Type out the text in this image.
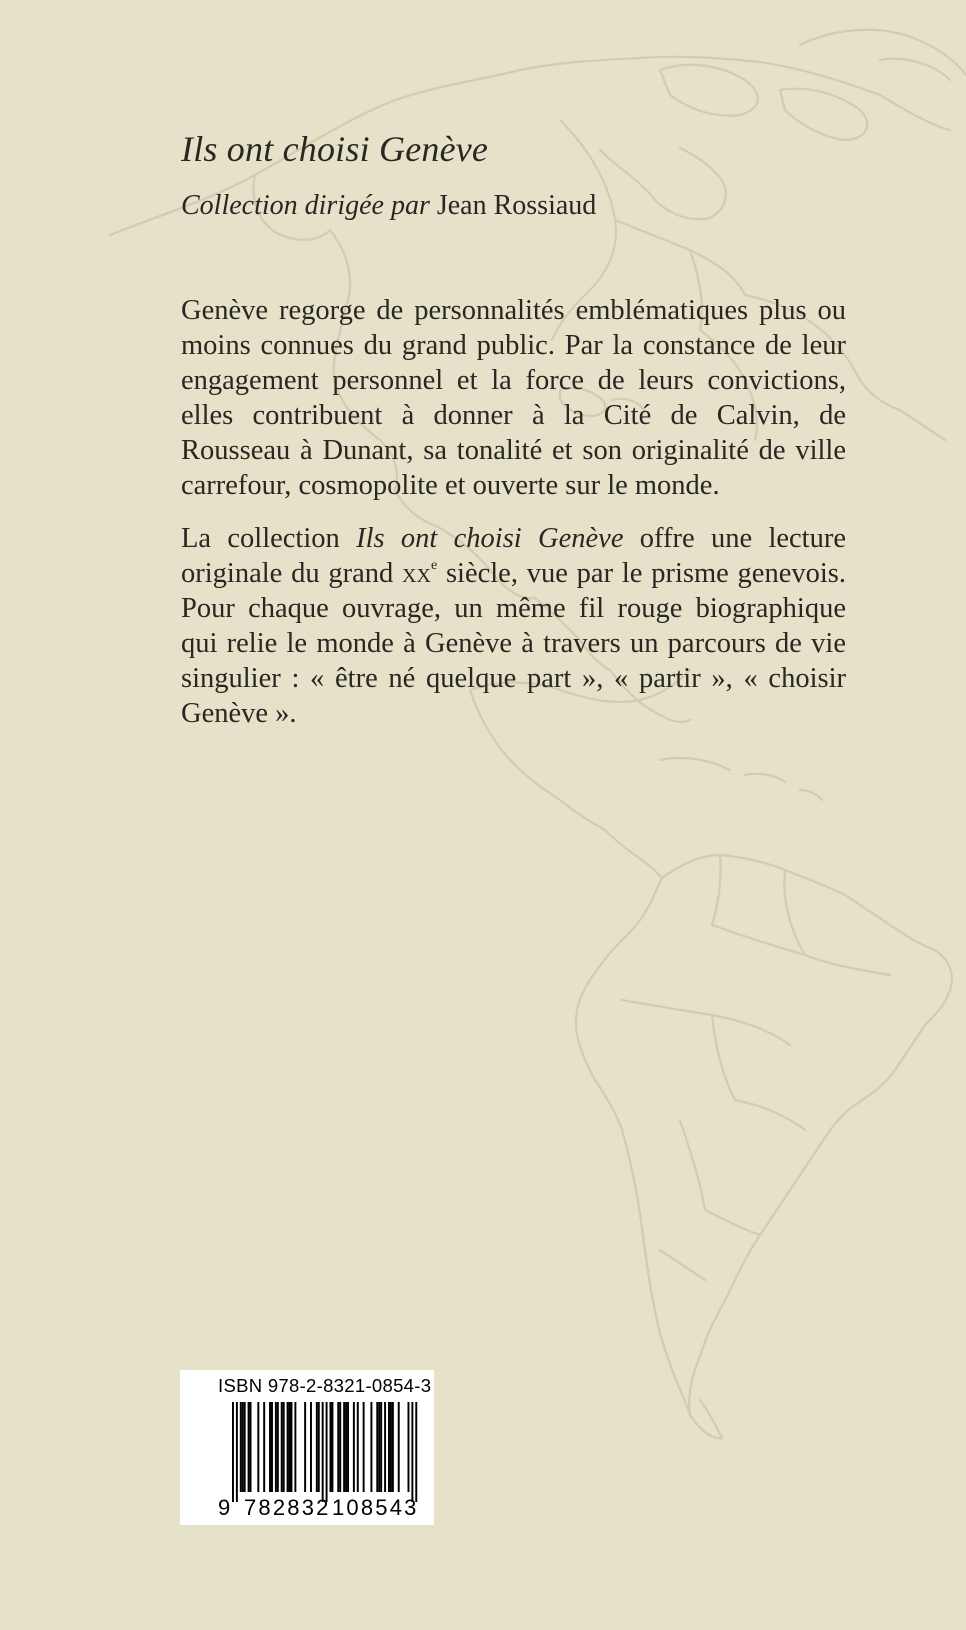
Ils ont choisi Genève

Collection dirigée par Jean Rossiaud

Genève regorge de personnalités emblématiques plus ou moins connues du grand public. Par la constance de leur engagement personnel et la force de leurs convictions, elles contribuent à donner à la Cité de Calvin, de Rousseau à Dunant, sa tonalité et son originalité de ville carrefour, cosmopolite et ouverte sur le monde.

La collection Ils ont choisi Genève offre une lecture originale du grand $xx^e$ siècle, vue par le prisme genevois. Pour chaque ouvrage, un même fil rouge biographique qui relie le monde à Genève à travers un parcours de vie singulier : « être né quelque part », « partir », « choisir Genève ».

ISBN 978-2-8321-0854-3
9 782832 108543
